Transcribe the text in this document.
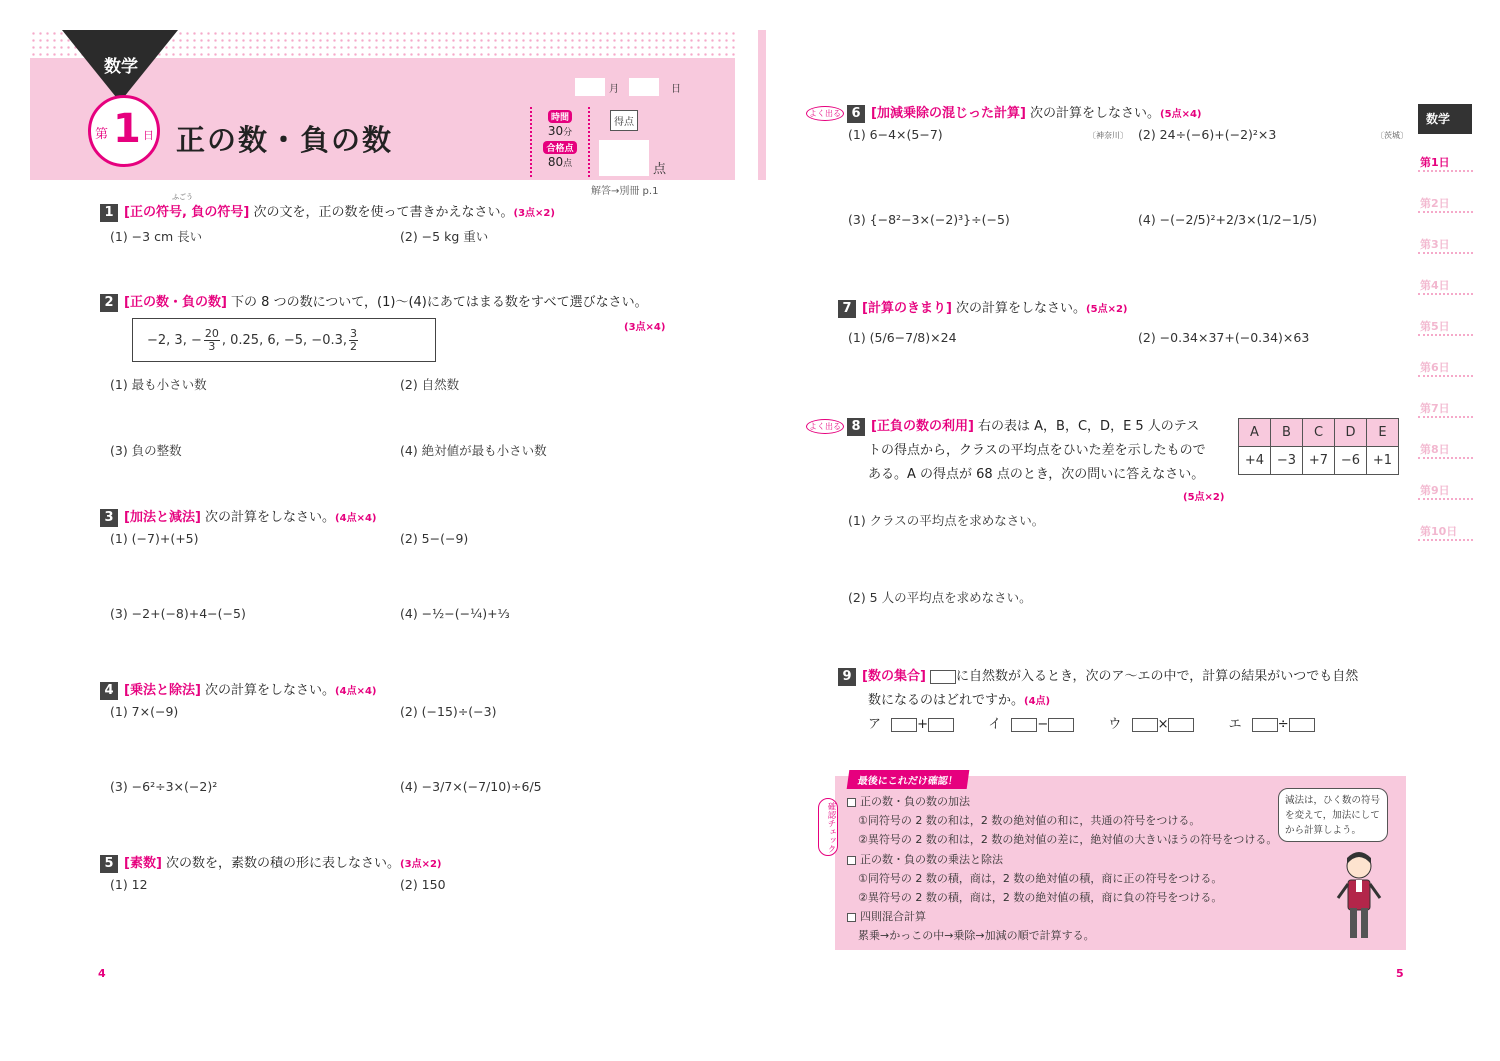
数学
第 1 日 正の数・負の数
月	日
時間
30分
合格点
80点
得点
点
解答→別冊 p.1
1 [正の符号, 負の符号] 次の文を，正の数を使って書きかえなさい。(3点×2)
ふごう
(1) −3 cm 長い	(2) −5 kg 重い
2 [正の数・負の数] 下の 8 つの数について，(1)〜(4)にあてはまる数をすべて選びなさい。
(3点×4)
−2, 3, − $\frac{20}{3}$ , 0.25, 6, −5, −0.3, $\frac{3}{2}$
(1) 最も小さい数	(2) 自然数
(3) 負の整数	(4) 絶対値が最も小さい数
3 [加法と減法] 次の計算をしなさい。(4点×4)
(1) (−7)+(+5)	(2) 5−(−9)
(3) −2+(−8)+4−(−5)	(4) −½−(−¼)+⅓
4 [乗法と除法] 次の計算をしなさい。(4点×4)
(1) 7×(−9)	(2) (−15)÷(−3)
(3) −6²÷3×(−2)²	(4) −3/7×(−7/10)÷6/5
5 [素数] 次の数を，素数の積の形に表しなさい。(3点×2)
(1) 12	(2) 150
4
よく出る 6 [加減乗除の混じった計算] 次の計算をしなさい。(5点×4)
(1) 6−4×(5−7)	〔神奈川〕 (2) 24÷(−6)+(−2)²×3	〔茨城〕
(3) {−8²−3×(−2)³}÷(−5)	(4) −(−2/5)²+2/3×(1/2−1/5)
7 [計算のきまり] 次の計算をしなさい。(5点×2)
(1) (5/6−7/8)×24	(2) −0.34×37+(−0.34)×63
よく出る 8 [正負の数の利用] 右の表は A，B，C，D，E 5 人のテス
トの得点から，クラスの平均点をひいた差を示したもので
ある。A の得点が 68 点のとき，次の問いに答えなさい。
(5点×2)
A	B	C	D	E
+4	−3	+7	−6	+1
(1) クラスの平均点を求めなさい。
(2) 5 人の平均点を求めなさい。
9 [数の集合] に自然数が入るとき，次のア〜エの中で，計算の結果がいつでも自然
数になるのはどれですか。(4点)
ア	+	イ	−	ウ	×	エ	÷
最後にこれだけ確認！
確認チェック	正の数・負の数の加法
①同符号の 2 数の和は，2 数の絶対値の和に，共通の符号をつける。
②異符号の 2 数の和は，2 数の絶対値の差に，絶対値の大きいほうの符号をつける。
正の数・負の数の乗法と除法
①同符号の 2 数の積，商は，2 数の絶対値の積，商に正の符号をつける。
②異符号の 2 数の積，商は，2 数の絶対値の積，商に負の符号をつける。
四則混合計算
累乗→かっこの中→乗除→加減の順で計算する。
減法は，ひく数の符号を変えて，加法にしてから計算しよう。
5
数学
第1日
第2日
第3日
第4日
第5日
第6日
第7日
第8日
第9日
第10日
